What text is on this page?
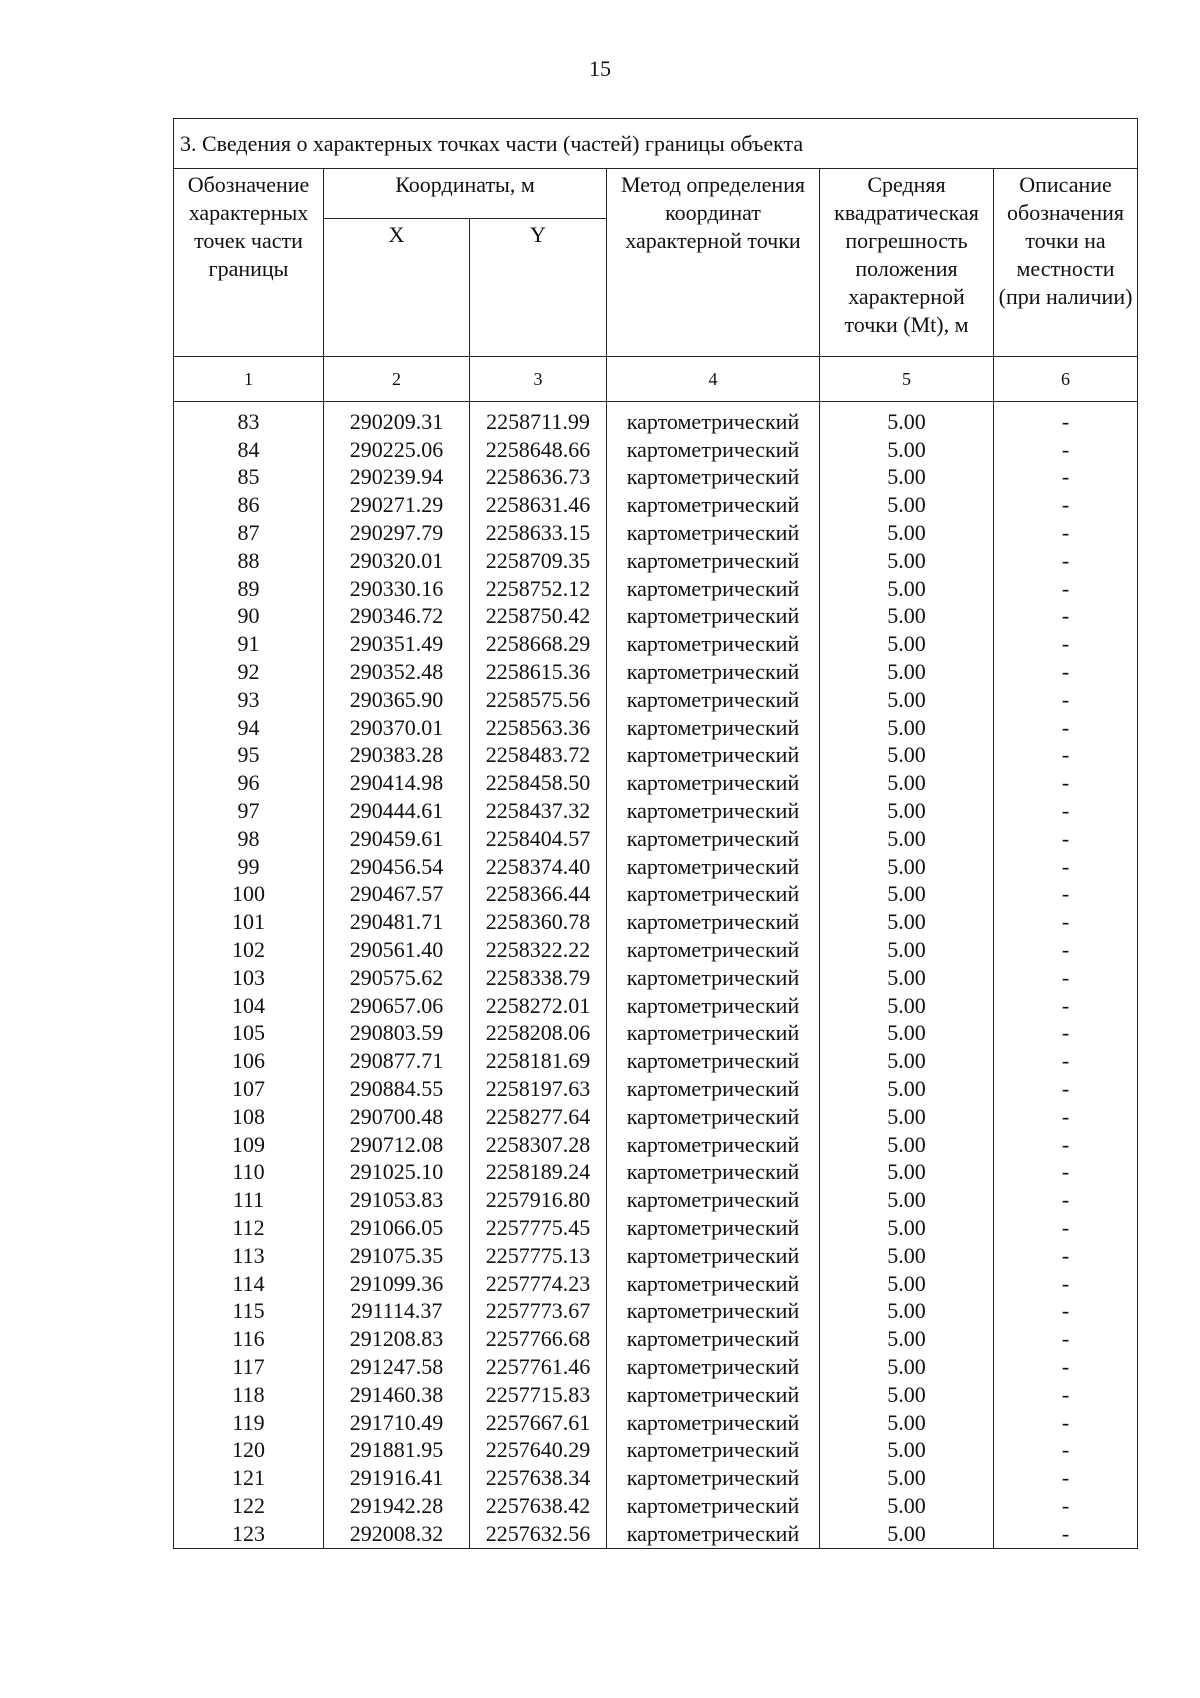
15
3. Сведения о характерных точках части (частей) границы объекта					
Обозначение характерных точек части границы	Координаты, м		Метод определения координат характерной точки	Средняя квадратическая погрешность положения характерной точки (Mt), м	Описание обозначения точки на местности (при наличии)
	X	Y			
1	2	3	4	5	6

83	290209.31	2258711.99	картометрический	5.00	-
84	290225.06	2258648.66	картометрический	5.00	-
85	290239.94	2258636.73	картометрический	5.00	-
86	290271.29	2258631.46	картометрический	5.00	-
87	290297.79	2258633.15	картометрический	5.00	-
88	290320.01	2258709.35	картометрический	5.00	-
89	290330.16	2258752.12	картометрический	5.00	-
90	290346.72	2258750.42	картометрический	5.00	-
91	290351.49	2258668.29	картометрический	5.00	-
92	290352.48	2258615.36	картометрический	5.00	-
93	290365.90	2258575.56	картометрический	5.00	-
94	290370.01	2258563.36	картометрический	5.00	-
95	290383.28	2258483.72	картометрический	5.00	-
96	290414.98	2258458.50	картометрический	5.00	-
97	290444.61	2258437.32	картометрический	5.00	-
98	290459.61	2258404.57	картометрический	5.00	-
99	290456.54	2258374.40	картометрический	5.00	-
100	290467.57	2258366.44	картометрический	5.00	-
101	290481.71	2258360.78	картометрический	5.00	-
102	290561.40	2258322.22	картометрический	5.00	-
103	290575.62	2258338.79	картометрический	5.00	-
104	290657.06	2258272.01	картометрический	5.00	-
105	290803.59	2258208.06	картометрический	5.00	-
106	290877.71	2258181.69	картометрический	5.00	-
107	290884.55	2258197.63	картометрический	5.00	-
108	290700.48	2258277.64	картометрический	5.00	-
109	290712.08	2258307.28	картометрический	5.00	-
110	291025.10	2258189.24	картометрический	5.00	-
111	291053.83	2257916.80	картометрический	5.00	-
112	291066.05	2257775.45	картометрический	5.00	-
113	291075.35	2257775.13	картометрический	5.00	-
114	291099.36	2257774.23	картометрический	5.00	-
115	291114.37	2257773.67	картометрический	5.00	-
116	291208.83	2257766.68	картометрический	5.00	-
117	291247.58	2257761.46	картометрический	5.00	-
118	291460.38	2257715.83	картометрический	5.00	-
119	291710.49	2257667.61	картометрический	5.00	-
120	291881.95	2257640.29	картометрический	5.00	-
121	291916.41	2257638.34	картометрический	5.00	-
122	291942.28	2257638.42	картометрический	5.00	-
123	292008.32	2257632.56	картометрический	5.00	-
